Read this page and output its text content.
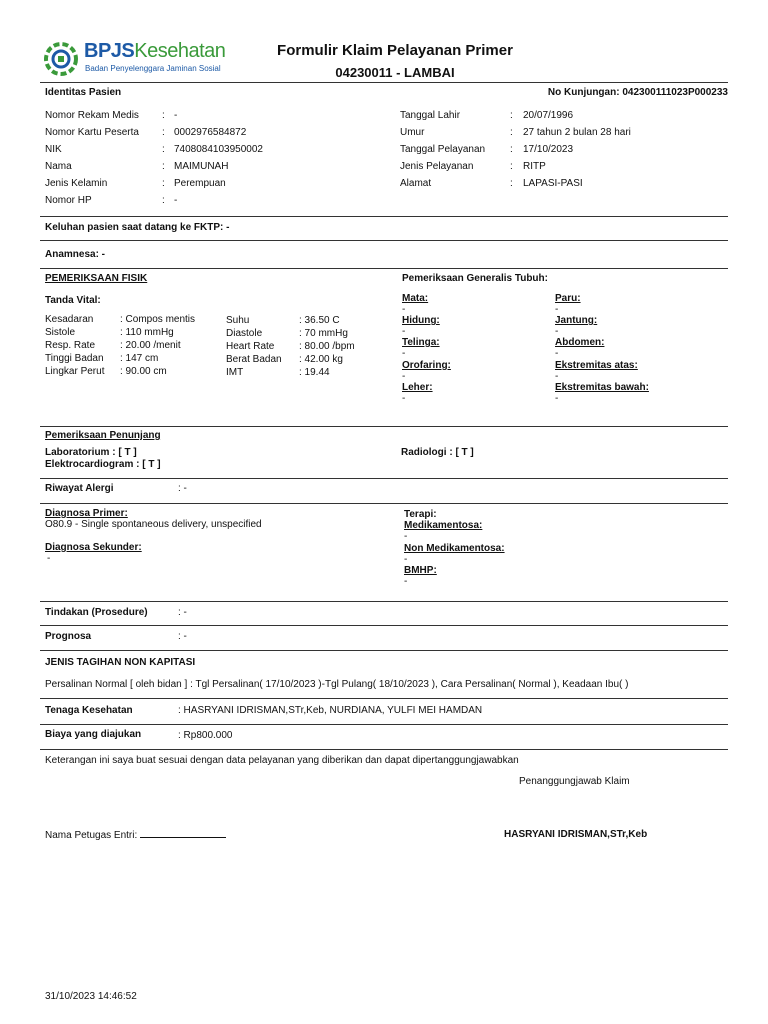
BPJSKesehatan
Badan Penyelenggara Jaminan Sosial
Formulir Klaim Pelayanan Primer
04230011 - LAMBAI
Identitas Pasien	No Kunjungan: 042300111023P000233
Nomor Rekam Medis : -
Nomor Kartu Peserta : 0002976584872
NIK	: 7408084103950002
Nama	: MAIMUNAH
Jenis Kelamin	: Perempuan
Nomor HP	: -
Tanggal Lahir	: 20/07/1996
Umur	: 27 tahun 2 bulan 28 hari
Tanggal Pelayanan : 17/10/2023
Jenis Pelayanan	: RITP
Alamat	: LAPASI-PASI
Keluhan pasien saat datang ke FKTP: -
Anamnesa: -
PEMERIKSAAN FISIK
Tanda Vital:
Kesadaran	: Compos mentis
Sistole	: 110 mmHg
Resp. Rate : 20.00 /menit
Tinggi Badan : 147 cm
Lingkar Perut : 90.00 cm
Suhu	: 36.50 C
Diastole	: 70 mmHg
Heart Rate : 80.00 /bpm
Berat Badan : 42.00 kg
IMT	: 19.44
Pemeriksaan Generalis Tubuh:
Mata:
-
Hidung:
-
Telinga:
-
Orofaring:
-
Leher:
-
Paru:
-
Jantung:
-
Abdomen:
-
Ekstremitas atas:
-
Ekstremitas bawah:
-
Pemeriksaan Penunjang
Laboratorium : [ T ]
Elektrocardiogram : [ T ]
Radiologi : [ T ]
Riwayat Alergi	: -
Diagnosa Primer:
O80.9 - Single spontaneous delivery, unspecified
Diagnosa Sekunder:
-
Terapi:
Medikamentosa:
-
Non Medikamentosa:
-
BMHP:
-
Tindakan (Prosedure)	: -
Prognosa	: -
JENIS TAGIHAN NON KAPITASI
Persalinan Normal [ oleh bidan ] : Tgl Persalinan( 17/10/2023 )-Tgl Pulang( 18/10/2023 ), Cara Persalinan( Normal ), Keadaan Ibu( )
Tenaga Kesehatan	: HASRYANI IDRISMAN,STr,Keb, NURDIANA, YULFI MEI HAMDAN
Biaya yang diajukan	: Rp800.000
Keterangan ini saya buat sesuai dengan data pelayanan yang diberikan dan dapat dipertanggungjawabkan
Penanggungjawab Klaim
Nama Petugas Entri:	HASRYANI IDRISMAN,STr,Keb
31/10/2023 14:46:52
